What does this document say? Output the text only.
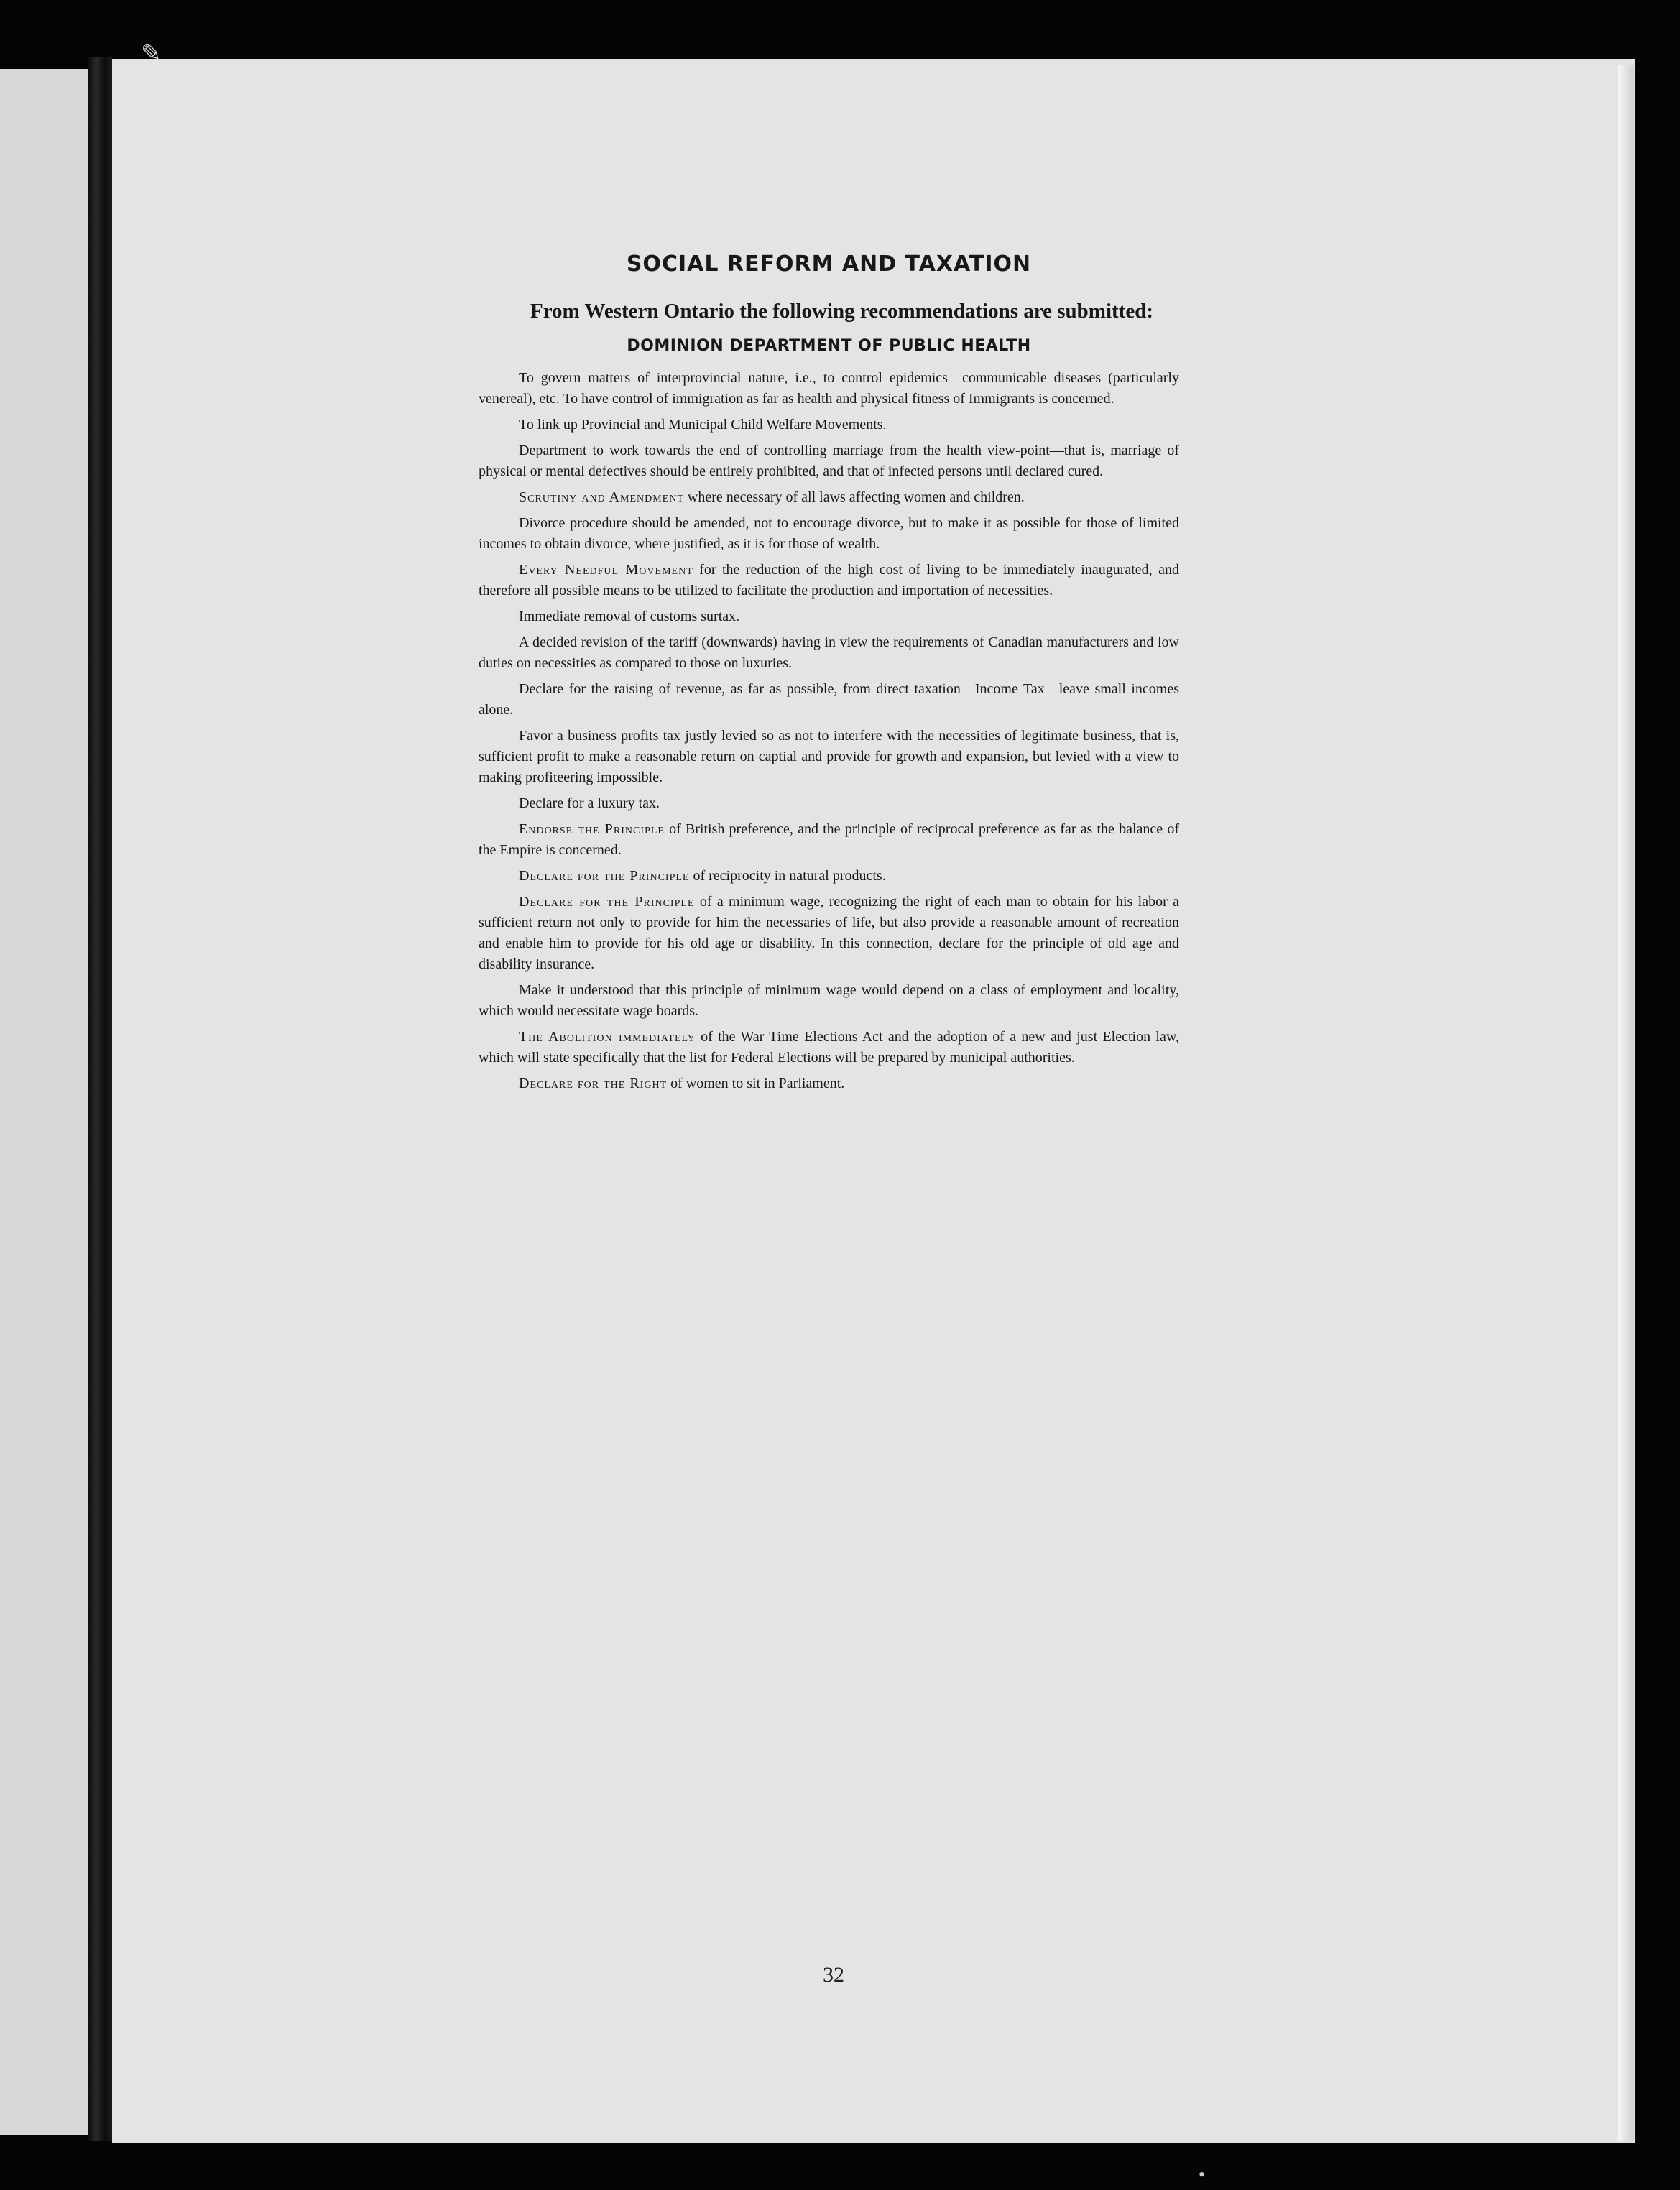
✎
•
SOCIAL REFORM AND TAXATION

From Western Ontario the following recommendations are submitted:

DOMINION DEPARTMENT OF PUBLIC HEALTH

To govern matters of interprovincial nature, i.e., to control epidemics—communicable diseases (particularly venereal), etc. To have control of immigration as far as health and physical fitness of Immigrants is concerned.

To link up Provincial and Municipal Child Welfare Movements.

Department to work towards the end of controlling marriage from the health view-point—that is, marriage of physical or mental defectives should be entirely prohibited, and that of infected persons until declared cured.

Scrutiny and Amendment where necessary of all laws affecting women and children.

Divorce procedure should be amended, not to encourage divorce, but to make it as possible for those of limited incomes to obtain divorce, where justified, as it is for those of wealth.

Every Needful Movement for the reduction of the high cost of living to be immediately inaugurated, and therefore all possible means to be utilized to facilitate the production and importation of necessities.

Immediate removal of customs surtax.

A decided revision of the tariff (downwards) having in view the requirements of Canadian manufacturers and low duties on necessities as compared to those on luxuries.

Declare for the raising of revenue, as far as possible, from direct taxation—Income Tax—leave small incomes alone.

Favor a business profits tax justly levied so as not to interfere with the necessities of legitimate business, that is, sufficient profit to make a reasonable return on captial and provide for growth and expansion, but levied with a view to making profiteering impossible.

Declare for a luxury tax.

Endorse the Principle of British preference, and the principle of reciprocal preference as far as the balance of the Empire is concerned.

Declare for the Principle of reciprocity in natural products.

Declare for the Principle of a minimum wage, recognizing the right of each man to obtain for his labor a sufficient return not only to provide for him the necessaries of life, but also provide a reasonable amount of recreation and enable him to provide for his old age or disability. In this connection, declare for the principle of old age and disability insurance.

Make it understood that this principle of minimum wage would depend on a class of employment and locality, which would necessitate wage boards.

The Abolition immediately of the War Time Elections Act and the adoption of a new and just Election law, which will state specifically that the list for Federal Elections will be prepared by municipal authorities.

Declare for the Right of women to sit in Parliament.

32
